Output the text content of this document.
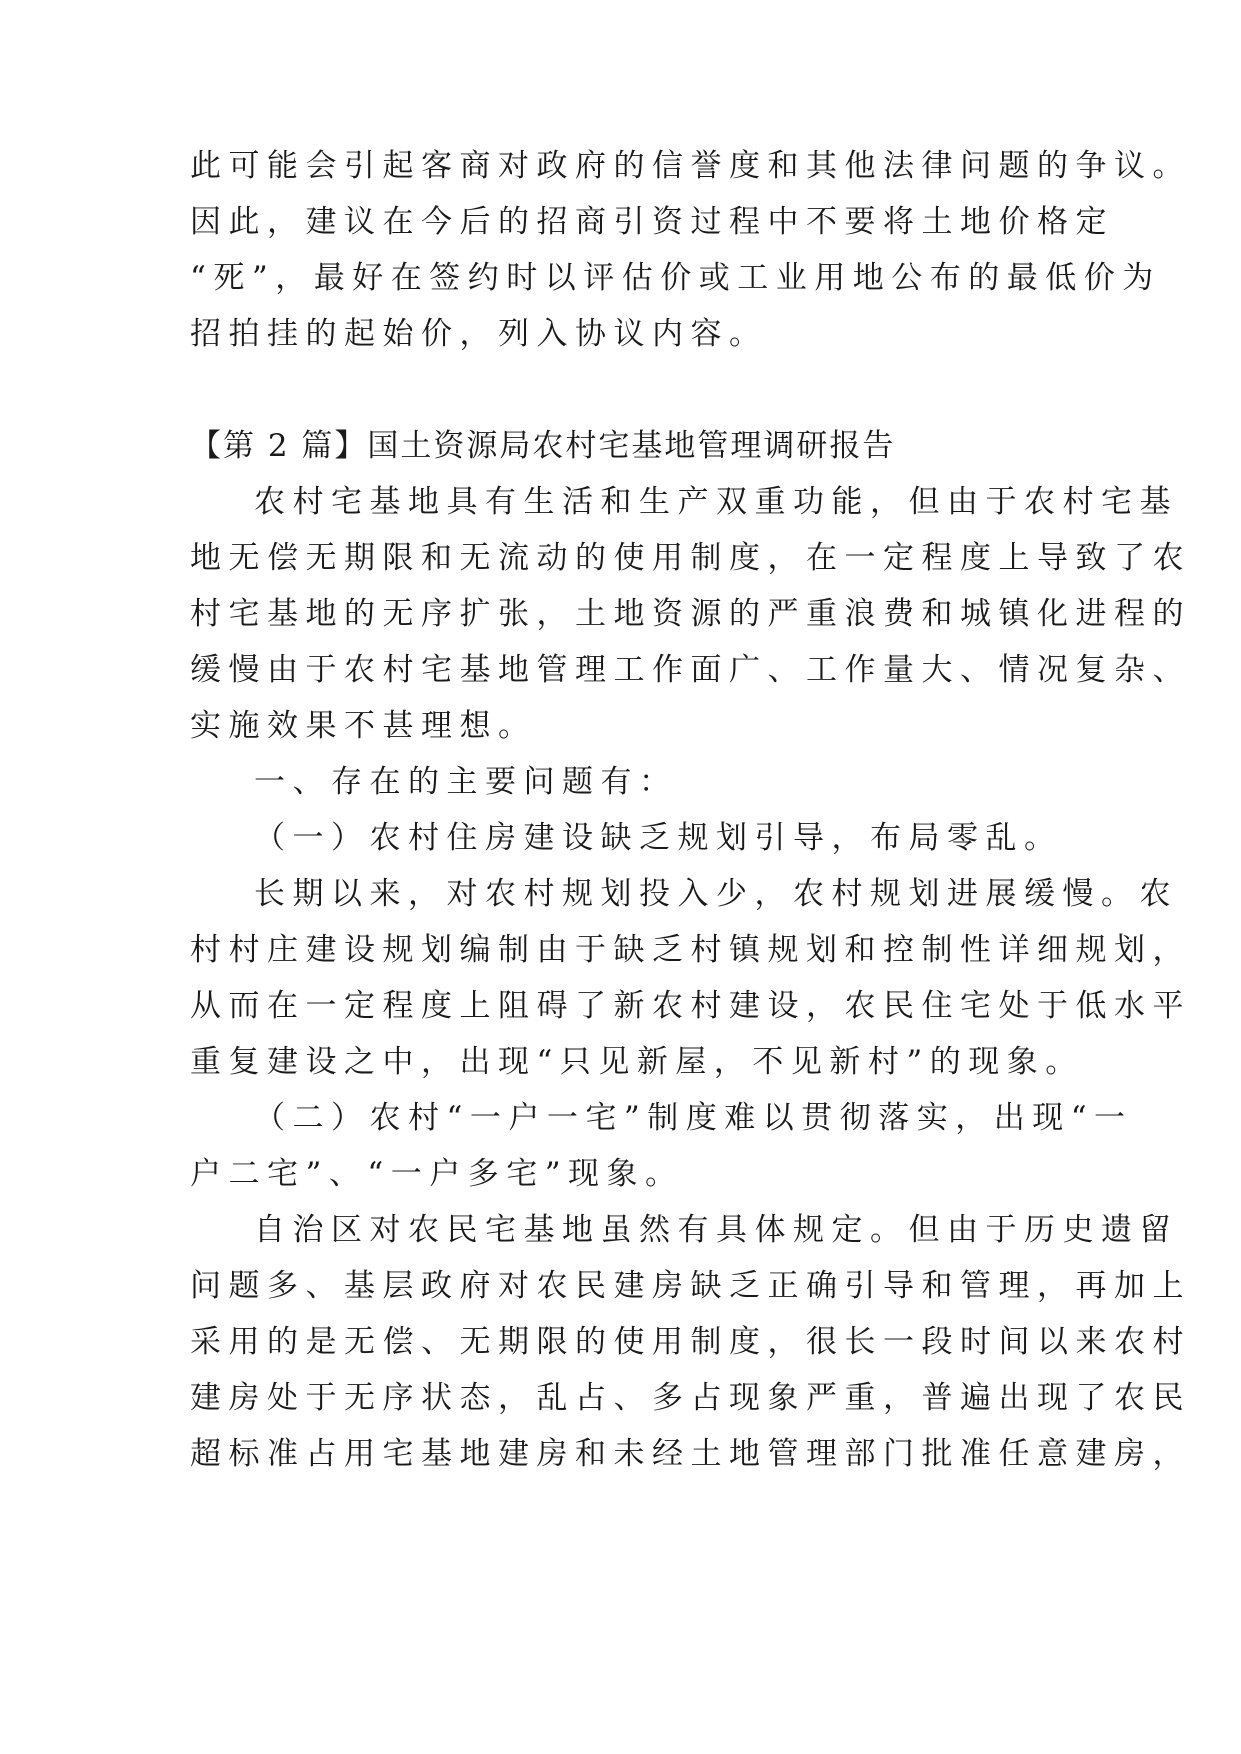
此可能会引起客商对政府的信誉度和其他法律问题的争议。
因此，建议在今后的招商引资过程中不要将土地价格定
“死”，最好在签约时以评估价或工业用地公布的最低价为
招拍挂的起始价，列入协议内容。
【第 2 篇】国土资源局农村宅基地管理调研报告
农村宅基地具有生活和生产双重功能，但由于农村宅基
地无偿无期限和无流动的使用制度，在一定程度上导致了农
村宅基地的无序扩张，土地资源的严重浪费和城镇化进程的
缓慢由于农村宅基地管理工作面广、工作量大、情况复杂、
实施效果不甚理想。
一、存在的主要问题有：
（一）农村住房建设缺乏规划引导，布局零乱。
长期以来，对农村规划投入少，农村规划进展缓慢。农
村村庄建设规划编制由于缺乏村镇规划和控制性详细规划，
从而在一定程度上阻碍了新农村建设，农民住宅处于低水平
重复建设之中，出现“只见新屋，不见新村”的现象。
（二）农村“一户一宅”制度难以贯彻落实，出现“一
户二宅”、“一户多宅”现象。
自治区对农民宅基地虽然有具体规定。但由于历史遗留
问题多、基层政府对农民建房缺乏正确引导和管理，再加上
采用的是无偿、无期限的使用制度，很长一段时间以来农村
建房处于无序状态，乱占、多占现象严重，普遍出现了农民
超标准占用宅基地建房和未经土地管理部门批准任意建房，
